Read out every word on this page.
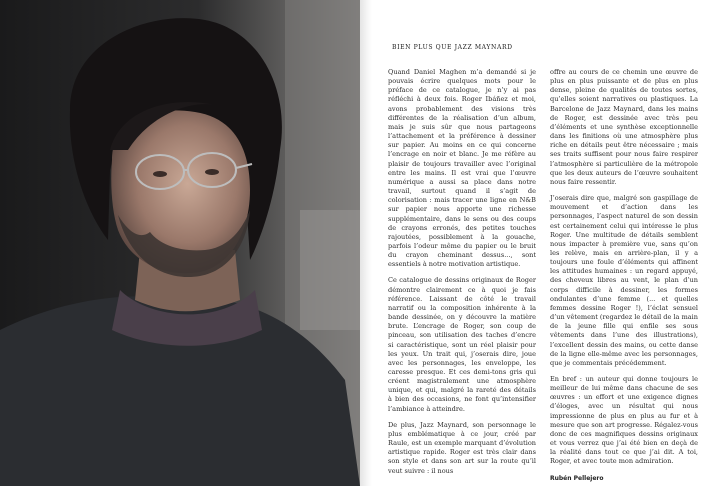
BIEN PLUS QUE JAZZ MAYNARD

Quand Daniel Maghen m’a demandé si je pouvais écrire quelques mots pour le préface de ce catalogue, je n’y ai pas réfléchi à deux fois. Roger Ibáñez et moi, avons probablement des visions très différentes de la réalisation d’un album, mais je suis sûr que nous partageons l’attachement et la préférence à dessiner sur papier. Au moins en ce qui concerne l’encrage en noir et blanc. Je me réfère au plaisir de toujours travailler avec l’original entre les mains. Il est vrai que l’œuvre numérique a aussi sa place dans notre travail, surtout quand il s’agit de colorisation : mais tracer une ligne en N&B sur papier nous apporte une richesse supplémentaire, dans le sens ou des coups de crayons erronés, des petites touches rajoutées, possiblement à la gouache, parfois l’odeur même du papier ou le bruit du crayon cheminant dessus..., sont essentiels à notre motivation artistique.

Ce catalogue de dessins originaux de Roger démontre clairement ce à quoi je fais référence. Laissant de côté le travail narratif ou la composition inhérente à la bande dessinée, on y découvre la matière brute. L’encrage de Roger, son coup de pinceau, son utilisation des taches d’encre si caractéristique, sont un réel plaisir pour les yeux. Un trait qui, j’oserais dire, joue avec les personnages, les enveloppe, les caresse presque. Et ces demi-tons gris qui créent magistralement une atmosphère unique, et qui, malgré la rareté des détails à bien des occasions, ne font qu’intensifier l’ambiance à atteindre.

De plus, Jazz Maynard, son personnage le plus emblématique à ce jour, créé par Raule, est un exemple marquant d’évolution artistique rapide. Roger est très clair dans son style et dans son art sur la route qu’il veut suivre : il nous

offre au cours de ce chemin une œuvre de plus en plus puissante et de plus en plus dense, pleine de qualités de toutes sortes, qu’elles soient narratives ou plastiques. La Barcelone de Jazz Maynard, dans les mains de Roger, est dessinée avec très peu d’éléments et une synthèse exceptionnelle dans les finitions où une atmosphère plus riche en détails peut être nécessaire ; mais ses traits suffisent pour nous faire respirer l’atmosphère si particulière de la métropole que les deux auteurs de l’œuvre souhaitent nous faire ressentir.

J’oserais dire que, malgré son gaspillage de mouvement et d’action dans les personnages, l’aspect naturel de son dessin est certainement celui qui intéresse le plus Roger. Une multitude de détails semblent nous impacter à première vue, sans qu’on les relève, mais en arrière-plan, il y a toujours une foule d’éléments qui affinent les attitudes humaines : un regard appuyé, des cheveux libres au vent, le plan d’un corps difficile à dessiner, les formes ondulantes d’une femme (... et quelles femmes dessine Roger !), l’éclat sensuel d’un vêtement (regardez le détail de la main de la jeune fille qui enfile ses sous vêtements dans l’une des illustrations), l’excellent dessin des mains, ou cette danse de la ligne elle-même avec les personnages, que je commentais précédemment.

En bref : un auteur qui donne toujours le meilleur de lui même dans chacune de ses œuvres : un effort et une exigence dignes d’éloges, avec un résultat qui nous impressionne de plus en plus au fur et à mesure que son art progresse. Régalez-vous donc de ces magnifiques dessins originaux et vous verrez que j’ai été bien en deçà de la réalité dans tout ce que j’ai dit. A toi, Roger, et avec toute mon admiration.

Rubén Pellejero
